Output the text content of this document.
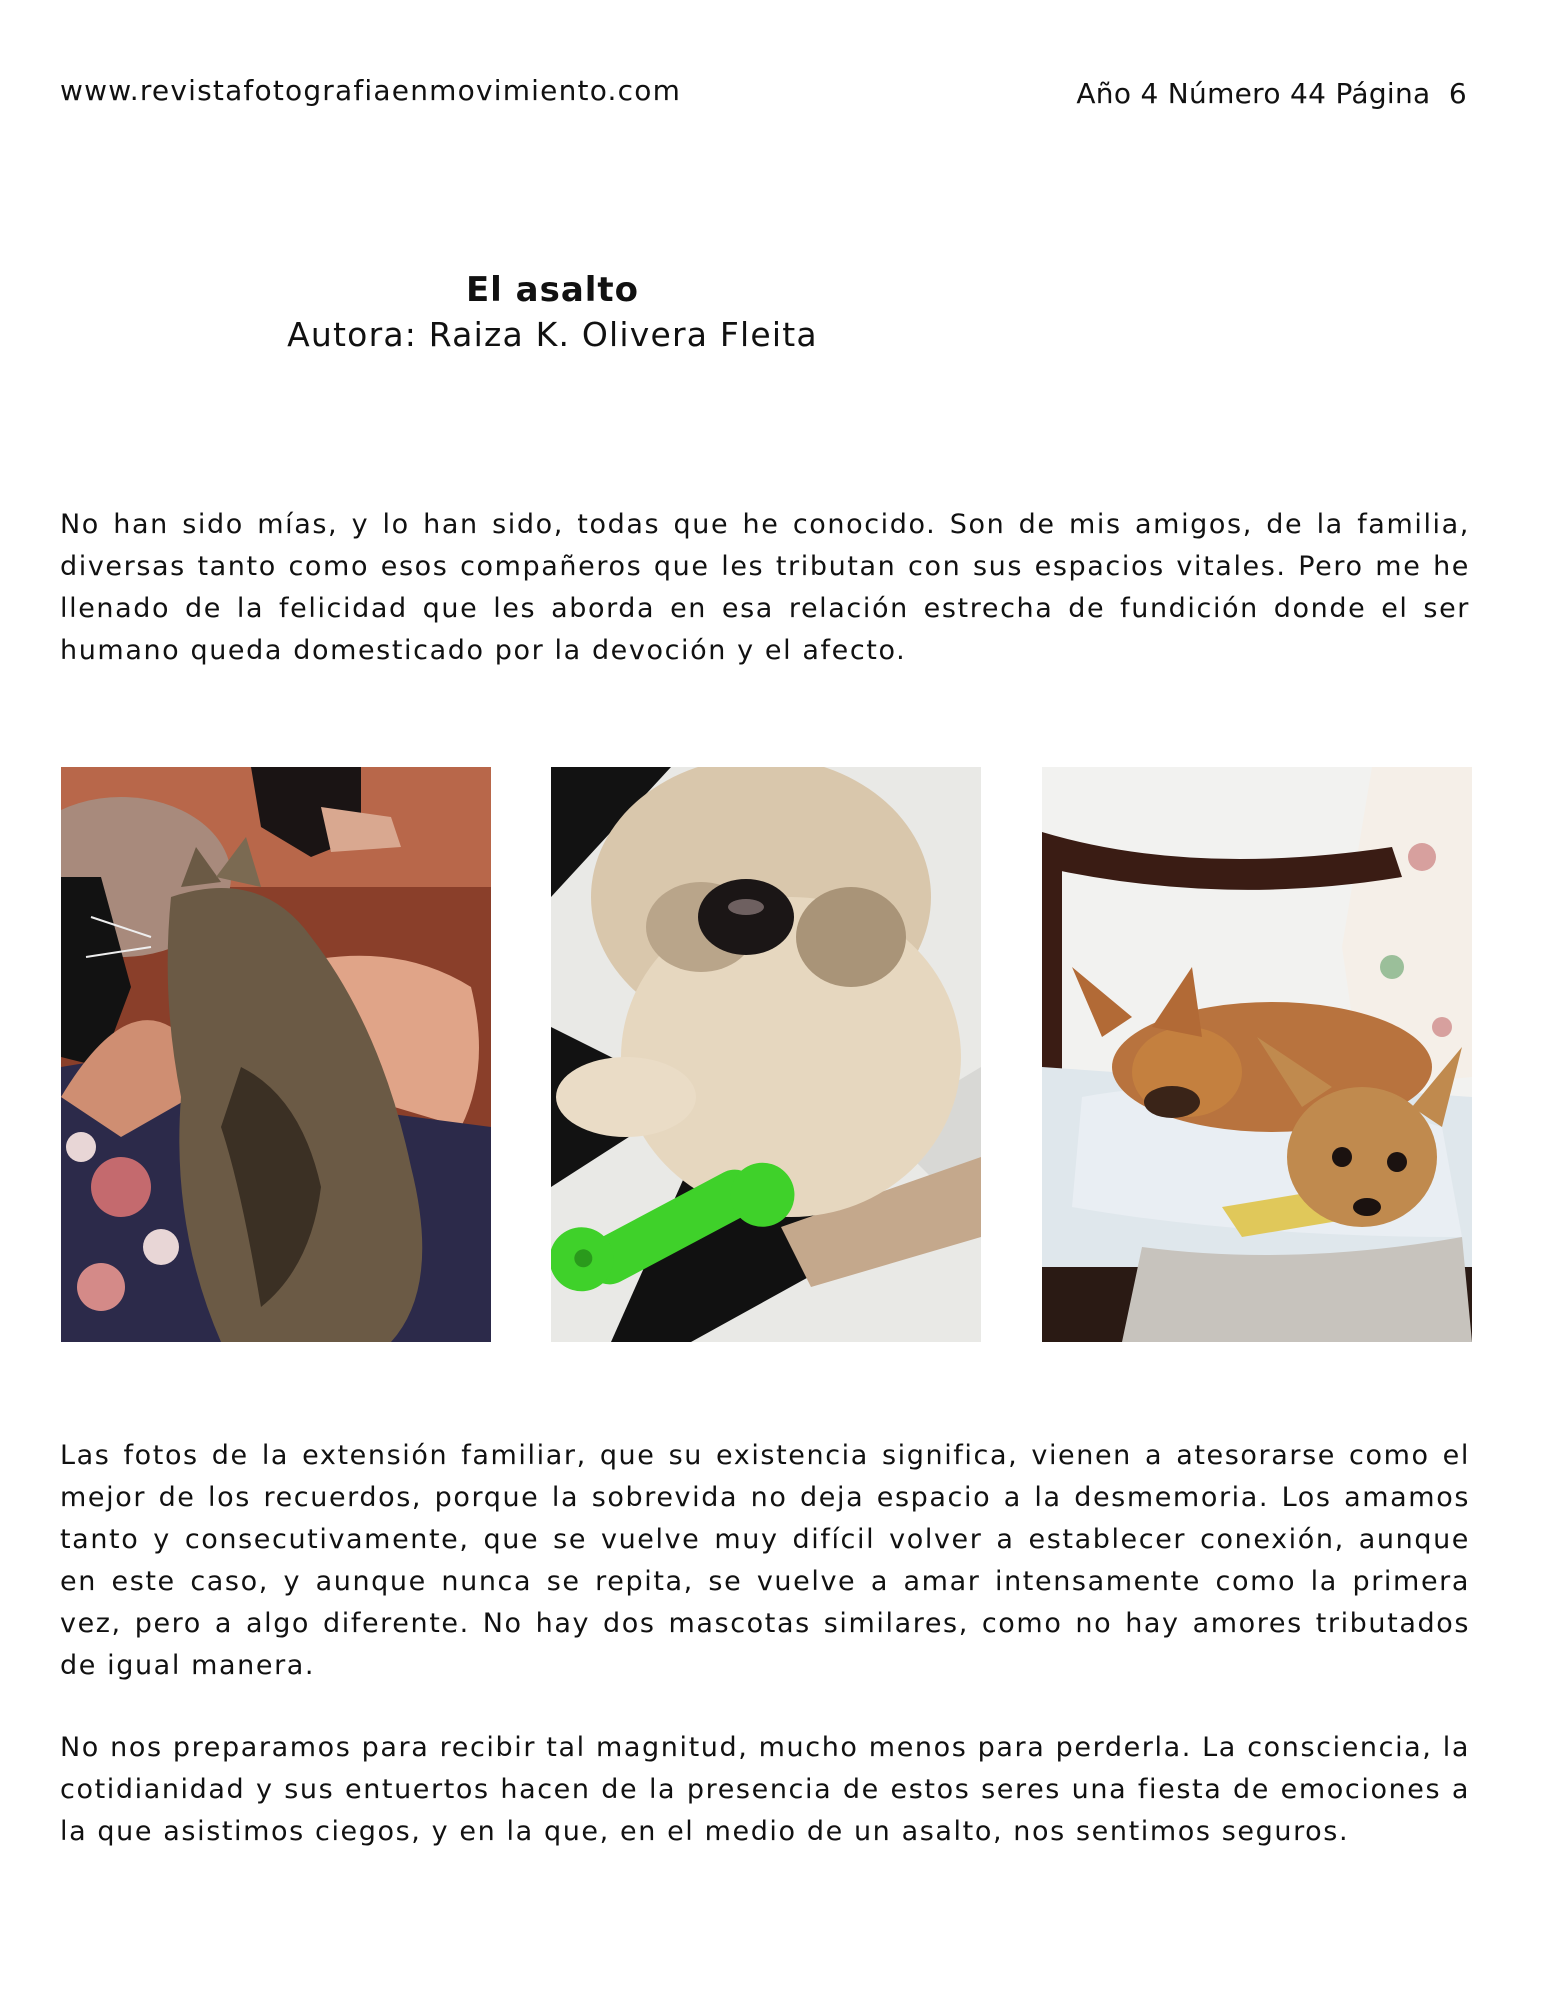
www.revistafotografiaenmovimiento.com	Año 4 Número 44 Página  6
El asalto
Autora: Raiza K. Olivera Fleita

No han sido mías, y lo han sido, todas que he conocido. Son de mis amigos, de la familia, diversas tanto como esos compañeros que les tributan con sus espacios vitales. Pero me he llenado de la felicidad que les aborda en esa relación estrecha de fundición donde el ser humano queda domesticado por la devoción y el afecto.

Las fotos de la extensión familiar, que su existencia significa, vienen a atesorarse como el mejor de los recuerdos, porque la sobrevida no deja espacio a la desmemoria. Los amamos tanto y consecutivamente, que se vuelve muy difícil volver a establecer conexión, aunque en este caso, y aunque nunca se repita, se vuelve a amar intensamente como la primera vez, pero a algo diferente. No hay dos mascotas similares, como no hay amores tributados de igual manera.

No nos preparamos para recibir tal magnitud, mucho menos para perderla. La consciencia, la cotidianidad y sus entuertos hacen de la presencia de estos seres una fiesta de emociones a la que asistimos ciegos, y en la que, en el medio de un asalto, nos sentimos seguros.
